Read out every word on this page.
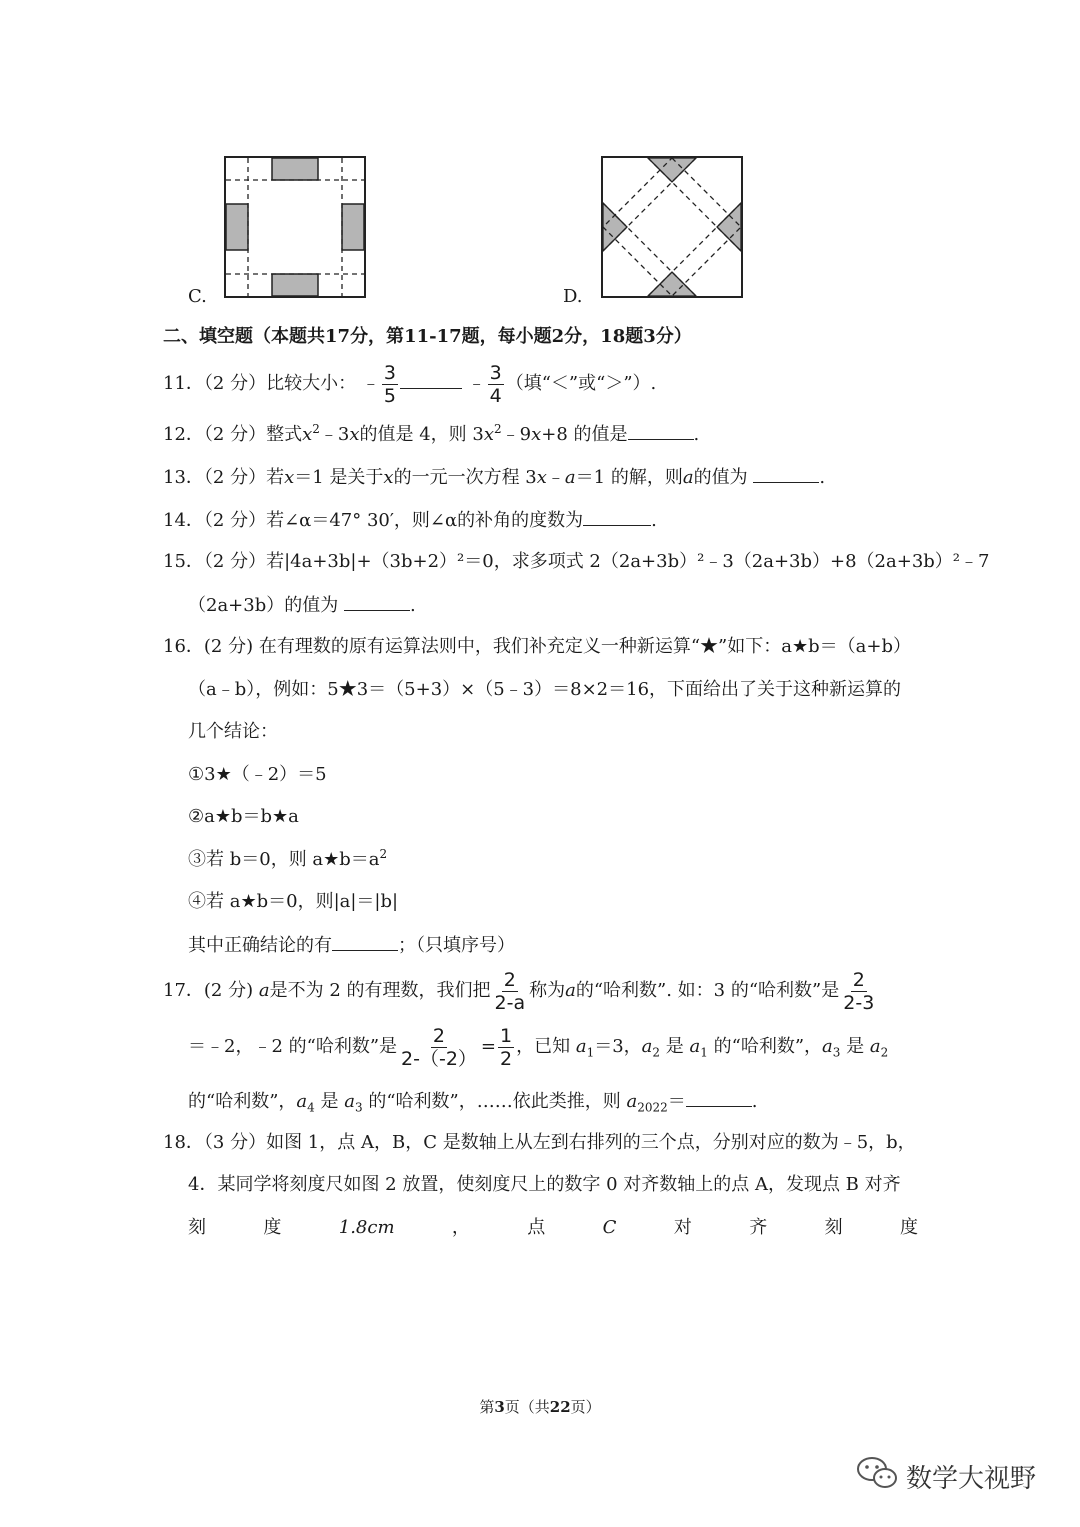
C.	D.
二、填空题（本题共17分，第11-17题，每小题2分，18题3分）
11．（2 分）比较大小： ﹣ $\frac{3}{5}$	﹣ $\frac{3}{4}$ （填“＜”或“＞”）.
12．（2 分）整式$x^2﹣3x$的值是 4，则 $3x^2﹣9x+8$ 的值是	.
13．（2 分）若x＝1 是关于x的一元一次方程 3x﹣a＝1 的解，则a的值为	.
14．（2 分）若∠α＝47° 30′，则∠α的补角的度数为	.
15．（2 分）若|4a+3b|+（3b+2）²＝0，求多项式 2（2a+3b）²﹣3（2a+3b）+8（2a+3b）²﹣7
（2a+3b）的值为	.
16．(2 分) 在有理数的原有运算法则中，我们补充定义一种新运算“★”如下：a★b＝（a+b）
（a﹣b），例如：5★3＝（5+3）×（5﹣3）＝8×2＝16，下面给出了关于这种新运算的
几个结论：
①3★（﹣2）＝5
②a★b＝b★a
③若 b＝0，则 $a★b=a^2$
④若 a★b＝0，则|a|＝|b|
其中正确结论的有	；（只填序号）
17．(2 分) a是不为 2 的有理数，我们把 $\frac{2}{2-a}$ 称为a的“哈利数”. 如：3 的“哈利数”是 $\frac{2}{2-3}$
＝﹣2，﹣2 的“哈利数”是 $\frac{2}{2-(-2)} = \frac{1}{2}$ ，已知 $a_1=3$，$a_2$ 是 $a_1$ 的“哈利数”，$a_3$ 是 $a_2$
的“哈利数”，$a_4$ 是 $a_3$ 的“哈利数”，……依此类推，则 $a_{2022}=$	.
18．（3 分）如图 1，点 A，B，C 是数轴上从左到右排列的三个点，分别对应的数为﹣5，b，
4．某同学将刻度尺如图 2 放置，使刻度尺上的数字 0 对齐数轴上的点 A，发现点 B 对齐
刻	度	1.8cm	，	点	C	对	齐	刻	度
第3页（共22页）
数学大视野
